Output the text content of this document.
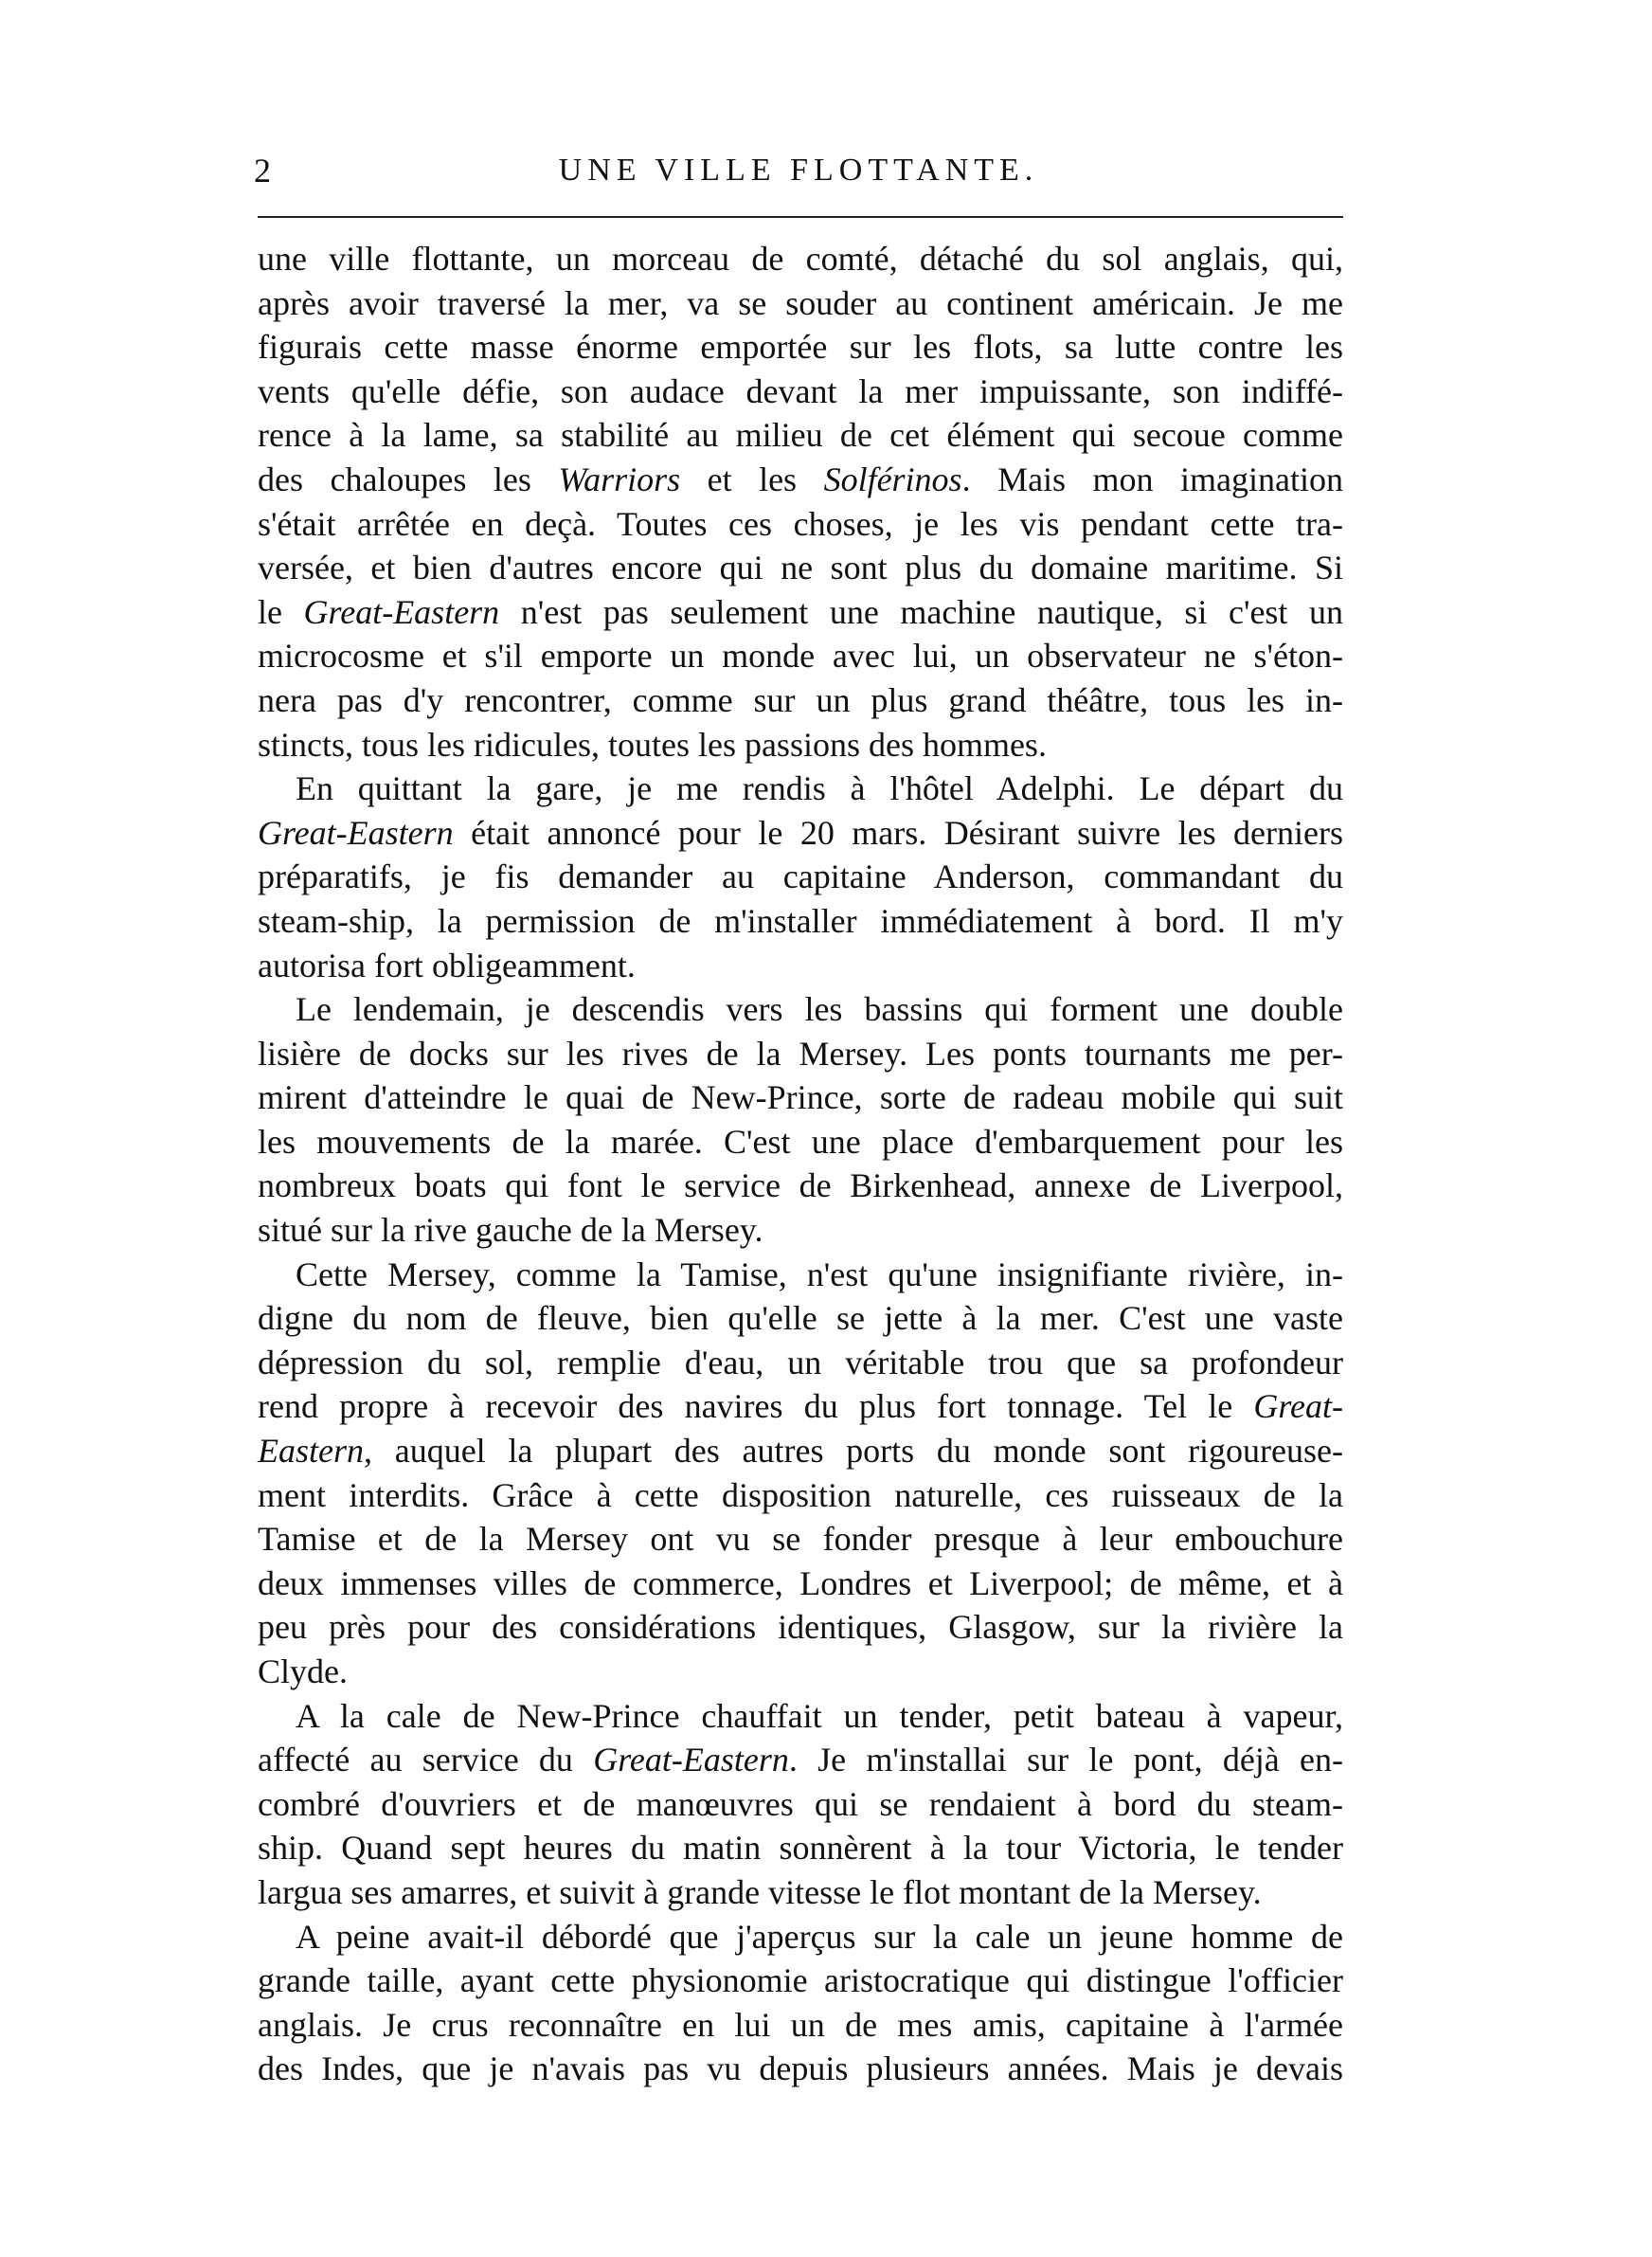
2	UNE VILLE FLOTTANTE.
une ville flottante, un morceau de comté, détaché du sol anglais, qui,
après avoir traversé la mer, va se souder au continent américain. Je me
figurais cette masse énorme emportée sur les flots, sa lutte contre les
vents qu'elle défie, son audace devant la mer impuissante, son indiffé-
rence à la lame, sa stabilité au milieu de cet élément qui secoue comme
des chaloupes les Warriors et les Solférinos. Mais mon imagination
s'était arrêtée en deçà. Toutes ces choses, je les vis pendant cette tra-
versée, et bien d'autres encore qui ne sont plus du domaine maritime. Si
le Great-Eastern n'est pas seulement une machine nautique, si c'est un
microcosme et s'il emporte un monde avec lui, un observateur ne s'éton-
nera pas d'y rencontrer, comme sur un plus grand théâtre, tous les in-
stincts, tous les ridicules, toutes les passions des hommes.
En quittant la gare, je me rendis à l'hôtel Adelphi. Le départ du
Great-Eastern était annoncé pour le 20 mars. Désirant suivre les derniers
préparatifs, je fis demander au capitaine Anderson, commandant du
steam-ship, la permission de m'installer immédiatement à bord. Il m'y
autorisa fort obligeamment.
Le lendemain, je descendis vers les bassins qui forment une double
lisière de docks sur les rives de la Mersey. Les ponts tournants me per-
mirent d'atteindre le quai de New-Prince, sorte de radeau mobile qui suit
les mouvements de la marée. C'est une place d'embarquement pour les
nombreux boats qui font le service de Birkenhead, annexe de Liverpool,
situé sur la rive gauche de la Mersey.
Cette Mersey, comme la Tamise, n'est qu'une insignifiante rivière, in-
digne du nom de fleuve, bien qu'elle se jette à la mer. C'est une vaste
dépression du sol, remplie d'eau, un véritable trou que sa profondeur
rend propre à recevoir des navires du plus fort tonnage. Tel le Great-
Eastern, auquel la plupart des autres ports du monde sont rigoureuse-
ment interdits. Grâce à cette disposition naturelle, ces ruisseaux de la
Tamise et de la Mersey ont vu se fonder presque à leur embouchure
deux immenses villes de commerce, Londres et Liverpool; de même, et à
peu près pour des considérations identiques, Glasgow, sur la rivière la
Clyde.
A la cale de New-Prince chauffait un tender, petit bateau à vapeur,
affecté au service du Great-Eastern. Je m'installai sur le pont, déjà en-
combré d'ouvriers et de manœuvres qui se rendaient à bord du steam-
ship. Quand sept heures du matin sonnèrent à la tour Victoria, le tender
largua ses amarres, et suivit à grande vitesse le flot montant de la Mersey.
A peine avait-il débordé que j'aperçus sur la cale un jeune homme de
grande taille, ayant cette physionomie aristocratique qui distingue l'officier
anglais. Je crus reconnaître en lui un de mes amis, capitaine à l'armée
des Indes, que je n'avais pas vu depuis plusieurs années. Mais je devais
